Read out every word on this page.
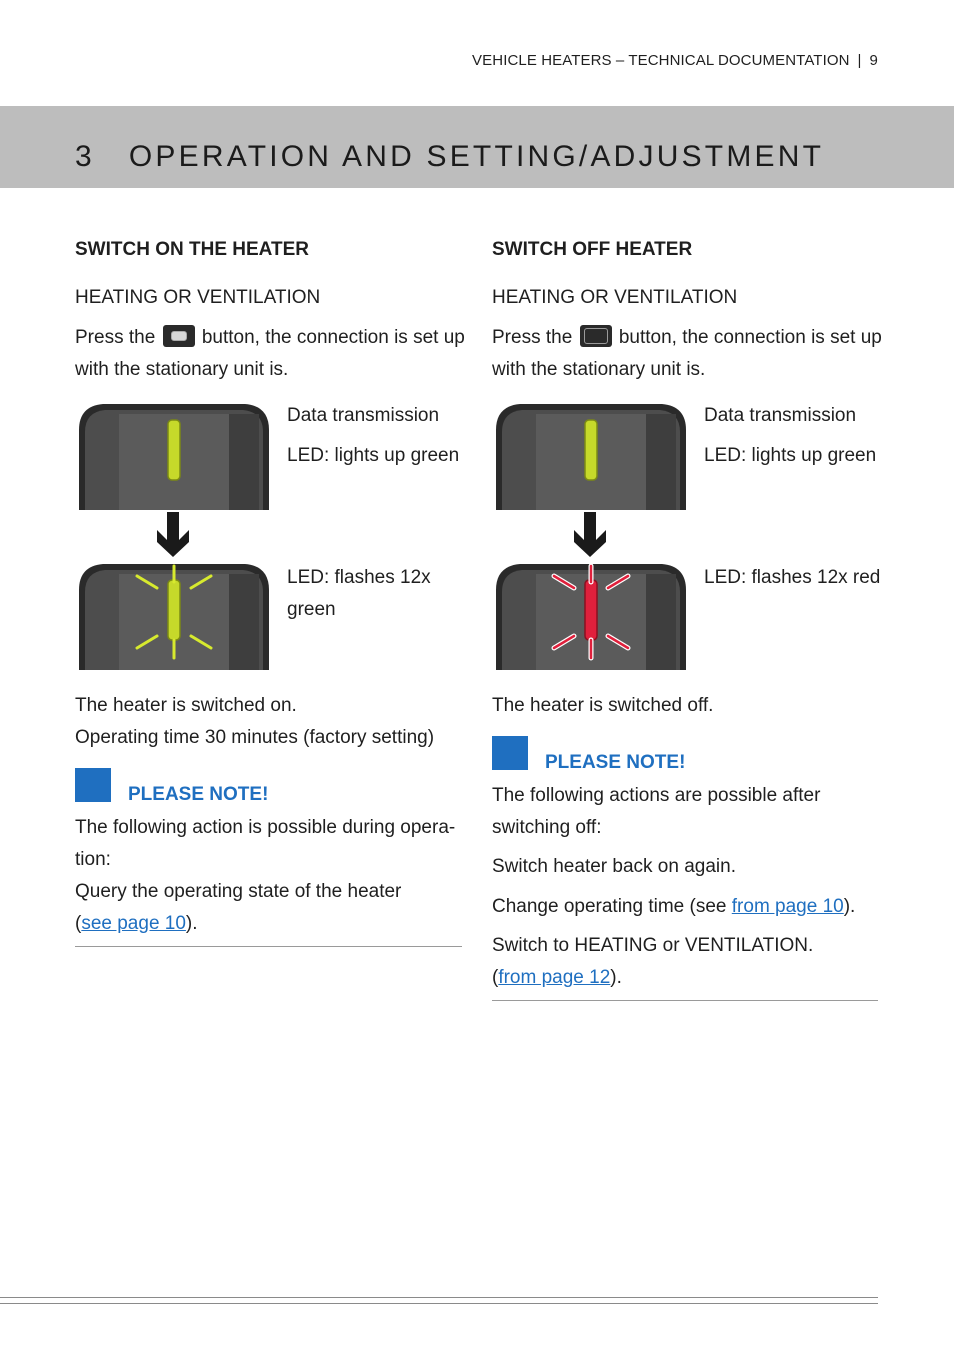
VEHICLE HEATERS – TECHNICAL DOCUMENTATION | 9
3 OPERATION AND SETTING/ADJUSTMENT
SWITCH ON THE HEATER
HEATING OR VENTILATION
Press the button, the connection is set up
with the stationary unit is.
Data transmission
LED: lights up green
LED: flashes 12x
green
The heater is switched on.
Operating time 30 minutes (factory setting)
PLEASE NOTE!
The following action is possible during opera-
tion:
Query the operating state of the heater
(see page 10).
SWITCH OFF HEATER
HEATING OR VENTILATION
Press the button, the connection is set up
with the stationary unit is.
Data transmission
LED: lights up green
LED: flashes 12x red
The heater is switched off.
PLEASE NOTE!
The following actions are possible after
switching off:
Switch heater back on again.
Change operating time (see from page 10).
Switch to HEATING or VENTILATION.
(from page 12).
